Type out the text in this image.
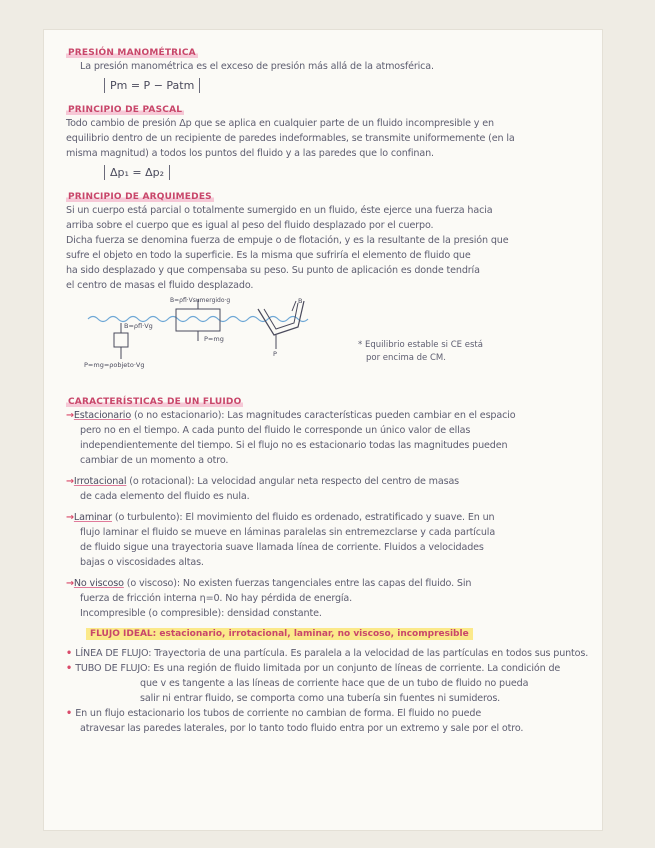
PRESIÓN MANOMÉTRICA
La presión manométrica es el exceso de presión más allá de la atmosférica.
Pm = P − Patm
PRINCIPIO DE PASCAL
Todo cambio de presión Δp que se aplica en cualquier parte de un fluido incompresible y en
equilibrio dentro de un recipiente de paredes indeformables, se transmite uniformemente (en la
misma magnitud) a todos los puntos del fluido y a las paredes que lo confinan.
Δp₁ = Δp₂
PRINCIPIO DE ARQUIMEDES
Si un cuerpo está parcial o totalmente sumergido en un fluido, éste ejerce una fuerza hacia
arriba sobre el cuerpo que es igual al peso del fluido desplazado por el cuerpo.
Dicha fuerza se denomina fuerza de empuje o de flotación, y es la resultante de la presión que
sufre el objeto en todo la superficie. Es la misma que sufriría el elemento de fluido que
ha sido desplazado y que compensaba su peso. Su punto de aplicación es donde tendría
el centro de masas el fluido desplazado.
B=ρfl·Vg
P=mg=ρobjeto·Vg
B=ρfl·Vsumergido·g
P=mg
B
P
* Equilibrio estable si CE está
por encima de CM.
CARACTERÍSTICAS DE UN FLUIDO
→Estacionario (o no estacionario): Las magnitudes características pueden cambiar en el espacio
pero no en el tiempo. A cada punto del fluido le corresponde un único valor de ellas
independientemente del tiempo. Si el flujo no es estacionario todas las magnitudes pueden
cambiar de un momento a otro.
→Irrotacional (o rotacional): La velocidad angular neta respecto del centro de masas
de cada elemento del fluido es nula.
→Laminar (o turbulento): El movimiento del fluido es ordenado, estratificado y suave. En un
flujo laminar el fluido se mueve en láminas paralelas sin entremezclarse y cada partícula
de fluido sigue una trayectoria suave llamada línea de corriente. Fluidos a velocidades
bajas o viscosidades altas.
→No viscoso (o viscoso): No existen fuerzas tangenciales entre las capas del fluido. Sin
fuerza de fricción interna η=0. No hay pérdida de energía.
Incompresible (o compresible): densidad constante.
FLUJO IDEAL: estacionario, irrotacional, laminar, no viscoso, incompresible
• LÍNEA DE FLUJO: Trayectoria de una partícula. Es paralela a la velocidad de las partículas en todos sus puntos.
• TUBO DE FLUJO: Es una región de fluido limitada por un conjunto de líneas de corriente. La condición de
que v es tangente a las líneas de corriente hace que de un tubo de fluido no pueda
salir ni entrar fluido, se comporta como una tubería sin fuentes ni sumideros.
• En un flujo estacionario los tubos de corriente no cambian de forma. El fluido no puede
atravesar las paredes laterales, por lo tanto todo fluido entra por un extremo y sale por el otro.
